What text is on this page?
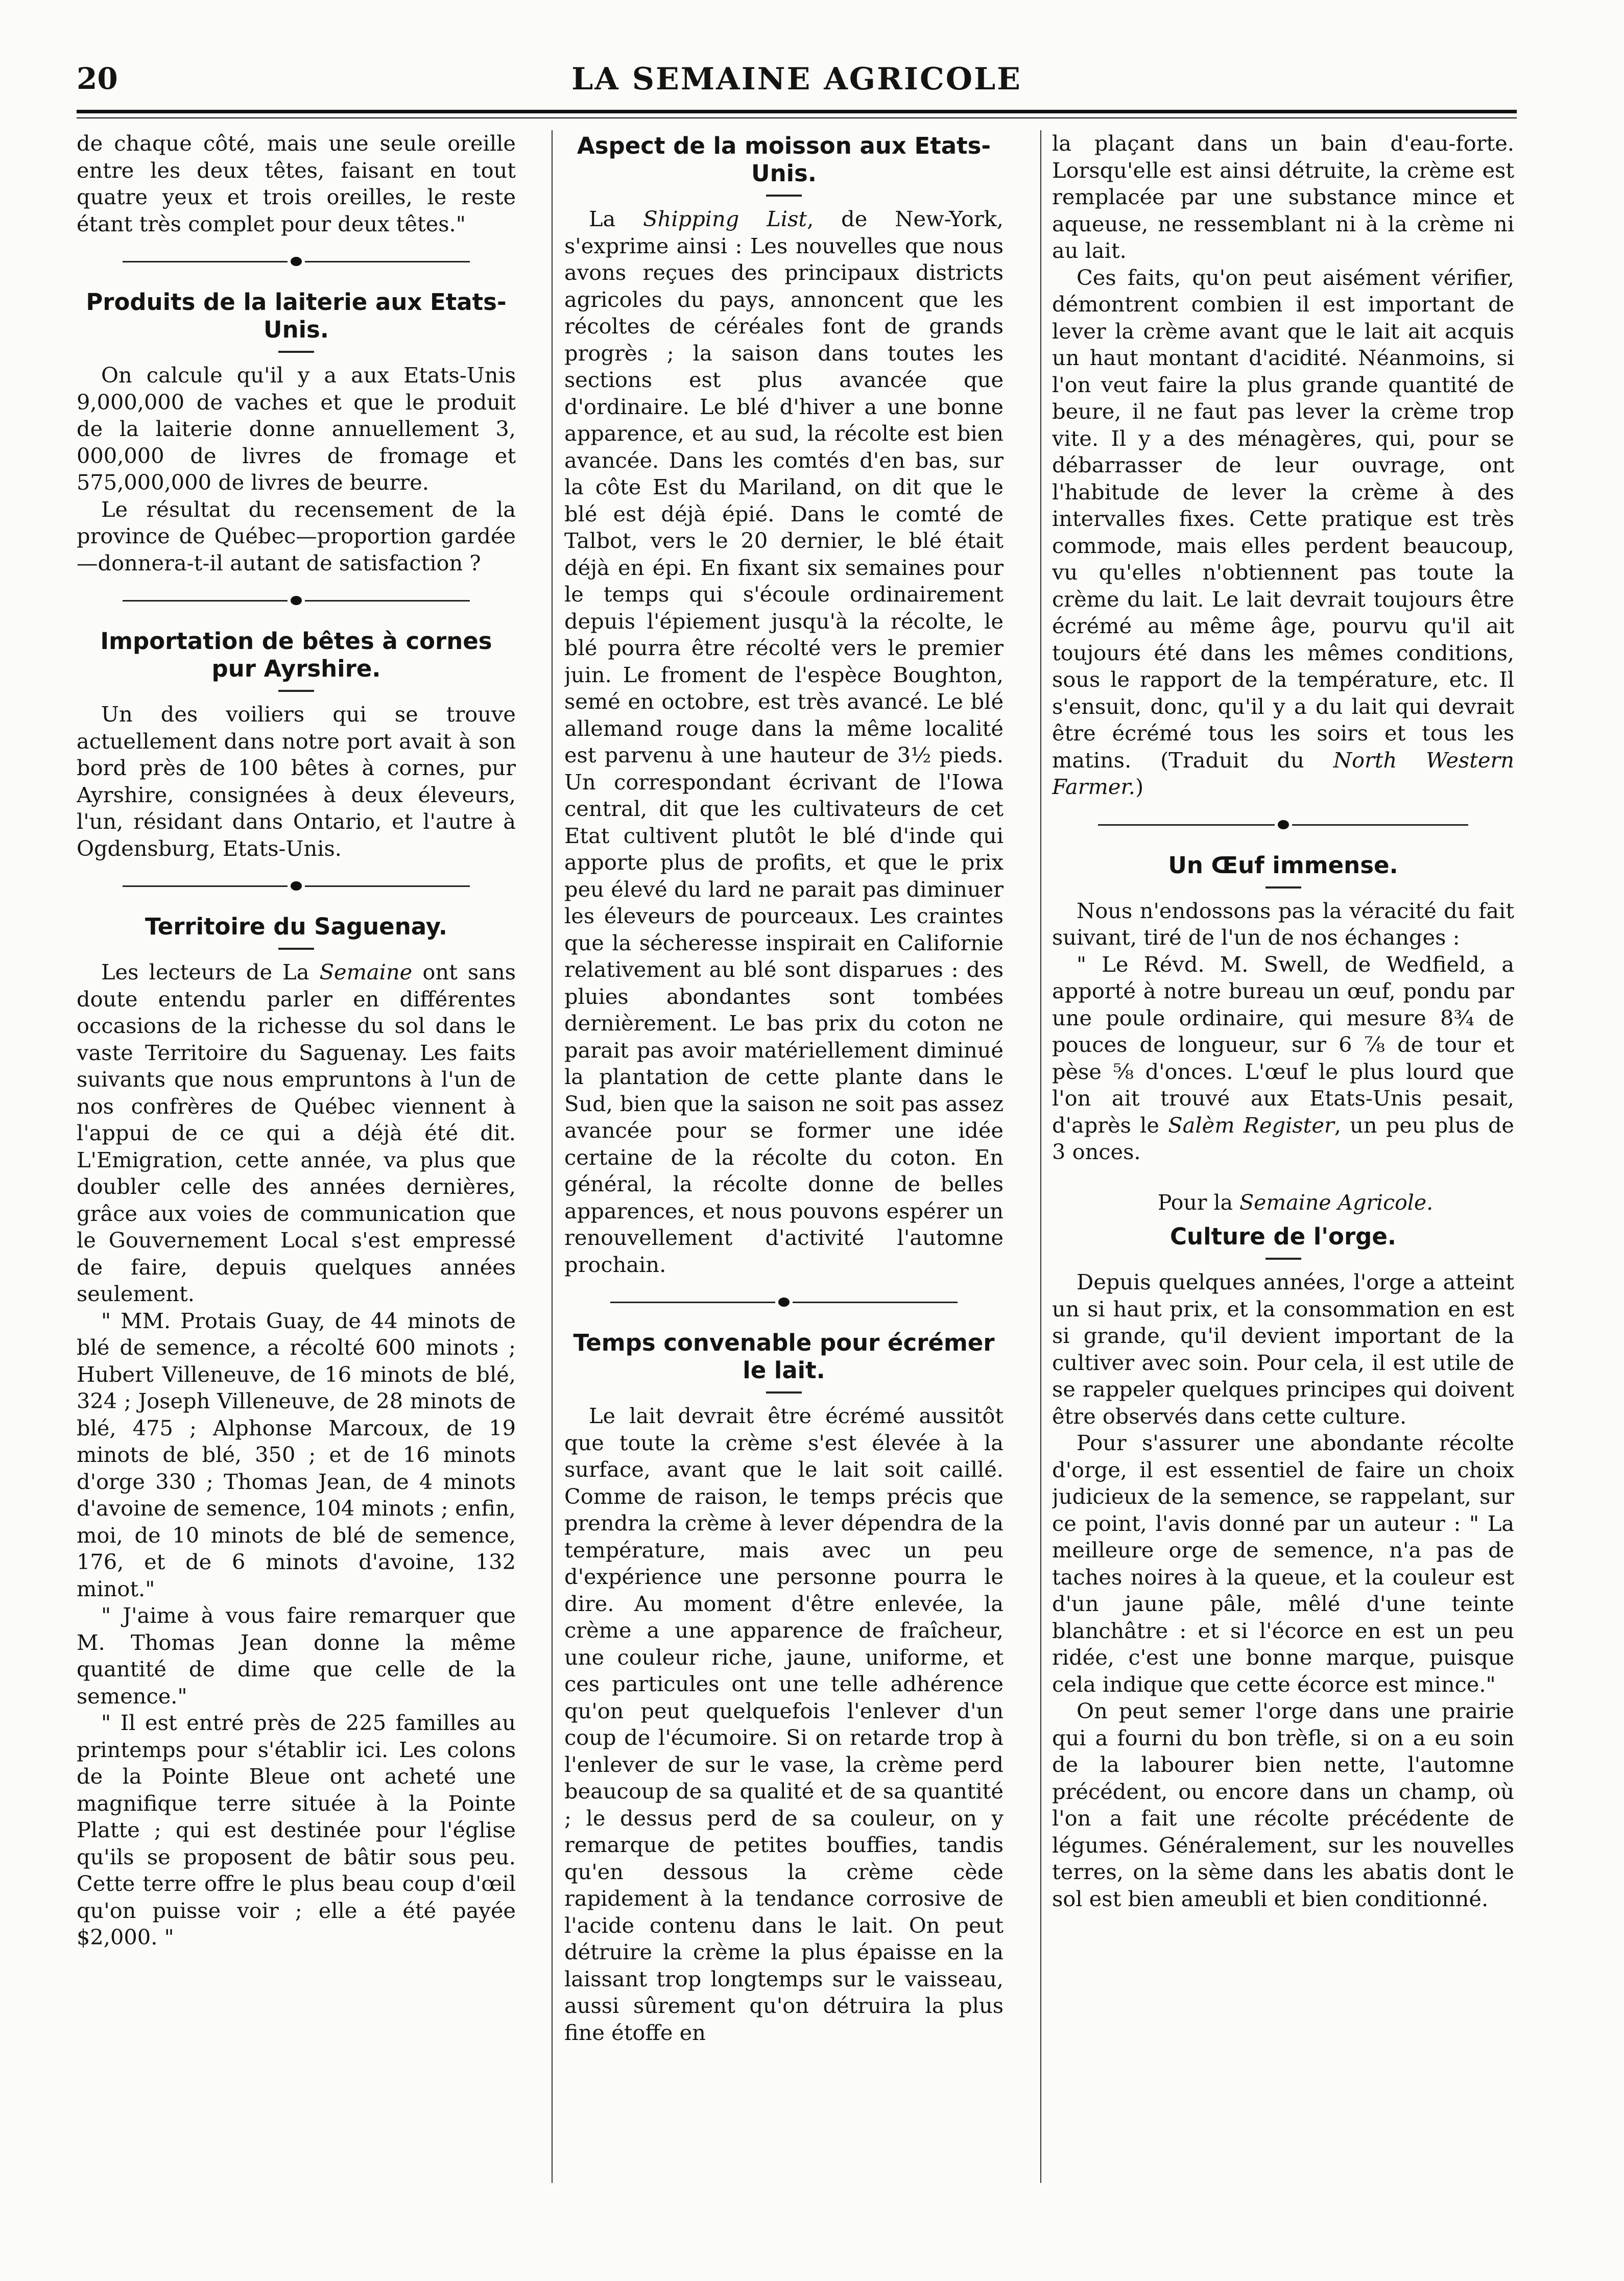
20	LA SEMAINE AGRICOLE

de chaque côté, mais une seule oreille entre les deux têtes, faisant en tout quatre yeux et trois oreilles, le reste étant très complet pour deux têtes."

Produits de la laiterie aux Etats-Unis.

On calcule qu'il y a aux Etats-Unis 9,000,000 de vaches et que le produit de la laiterie donne annuellement 3, 000,000 de livres de fromage et 575,000,000 de livres de beurre.

Le résultat du recensement de la province de Québec—proportion gardée—donnera-t-il autant de satisfaction ?

Importation de bêtes à cornes pur Ayrshire.

Un des voiliers qui se trouve actuellement dans notre port avait à son bord près de 100 bêtes à cornes, pur Ayrshire, consignées à deux éleveurs, l'un, résidant dans Ontario, et l'autre à Ogdensburg, Etats-Unis.

Territoire du Saguenay.

Les lecteurs de La Semaine ont sans doute entendu parler en différentes occasions de la richesse du sol dans le vaste Territoire du Saguenay. Les faits suivants que nous empruntons à l'un de nos confrères de Québec viennent à l'appui de ce qui a déjà été dit. L'Emigration, cette année, va plus que doubler celle des années dernières, grâce aux voies de communication que le Gouvernement Local s'est empressé de faire, depuis quelques années seulement.

" MM. Protais Guay, de 44 minots de blé de semence, a récolté 600 minots ; Hubert Villeneuve, de 16 minots de blé, 324 ; Joseph Villeneuve, de 28 minots de blé, 475 ; Alphonse Marcoux, de 19 minots de blé, 350 ; et de 16 minots d'orge 330 ; Thomas Jean, de 4 minots d'avoine de semence, 104 minots ; enfin, moi, de 10 minots de blé de semence, 176, et de 6 minots d'avoine, 132 minot."

" J'aime à vous faire remarquer que M. Thomas Jean donne la même quantité de dime que celle de la semence."

" Il est entré près de 225 familles au printemps pour s'établir ici. Les colons de la Pointe Bleue ont acheté une magnifique terre située à la Pointe Platte ; qui est destinée pour l'église qu'ils se proposent de bâtir sous peu. Cette terre offre le plus beau coup d'œil qu'on puisse voir ; elle a été payée $2,000. "

Aspect de la moisson aux Etats-Unis.

La Shipping List, de New-York, s'exprime ainsi : Les nouvelles que nous avons reçues des principaux districts agricoles du pays, annoncent que les récoltes de céréales font de grands progrès ; la saison dans toutes les sections est plus avancée que d'ordinaire. Le blé d'hiver a une bonne apparence, et au sud, la récolte est bien avancée. Dans les comtés d'en bas, sur la côte Est du Mariland, on dit que le blé est déjà épié. Dans le comté de Talbot, vers le 20 dernier, le blé était déjà en épi. En fixant six semaines pour le temps qui s'écoule ordinairement depuis l'épiement jusqu'à la récolte, le blé pourra être récolté vers le premier juin. Le froment de l'espèce Boughton, semé en octobre, est très avancé. Le blé allemand rouge dans la même localité est parvenu à une hauteur de 3½ pieds. Un correspondant écrivant de l'Iowa central, dit que les cultivateurs de cet Etat cultivent plutôt le blé d'inde qui apporte plus de profits, et que le prix peu élevé du lard ne parait pas diminuer les éleveurs de pourceaux. Les craintes que la sécheresse inspirait en Californie relativement au blé sont disparues : des pluies abondantes sont tombées dernièrement. Le bas prix du coton ne parait pas avoir matériellement diminué la plantation de cette plante dans le Sud, bien que la saison ne soit pas assez avancée pour se former une idée certaine de la récolte du coton. En général, la récolte donne de belles apparences, et nous pouvons espérer un renouvellement d'activité l'automne prochain.

Temps convenable pour écrémer le lait.

Le lait devrait être écrémé aussitôt que toute la crème s'est élevée à la surface, avant que le lait soit caillé. Comme de raison, le temps précis que prendra la crème à lever dépendra de la température, mais avec un peu d'expérience une personne pourra le dire. Au moment d'être enlevée, la crème a une apparence de fraîcheur, une couleur riche, jaune, uniforme, et ces particules ont une telle adhérence qu'on peut quelquefois l'enlever d'un coup de l'écumoire. Si on retarde trop à l'enlever de sur le vase, la crème perd beaucoup de sa qualité et de sa quantité ; le dessus perd de sa couleur, on y remarque de petites bouffies, tandis qu'en dessous la crème cède rapidement à la tendance corrosive de l'acide contenu dans le lait. On peut détruire la crème la plus épaisse en la laissant trop longtemps sur le vaisseau, aussi sûrement qu'on détruira la plus fine étoffe en

la plaçant dans un bain d'eau-forte. Lorsqu'elle est ainsi détruite, la crème est remplacée par une substance mince et aqueuse, ne ressemblant ni à la crème ni au lait.

Ces faits, qu'on peut aisément vérifier, démontrent combien il est important de lever la crème avant que le lait ait acquis un haut montant d'acidité. Néanmoins, si l'on veut faire la plus grande quantité de beure, il ne faut pas lever la crème trop vite. Il y a des ménagères, qui, pour se débarrasser de leur ouvrage, ont l'habitude de lever la crème à des intervalles fixes. Cette pratique est très commode, mais elles perdent beaucoup, vu qu'elles n'obtiennent pas toute la crème du lait. Le lait devrait toujours être écrémé au même âge, pourvu qu'il ait toujours été dans les mêmes conditions, sous le rapport de la température, etc. Il s'ensuit, donc, qu'il y a du lait qui devrait être écrémé tous les soirs et tous les matins. (Traduit du North Western Farmer.)

Un Œuf immense.

Nous n'endossons pas la véracité du fait suivant, tiré de l'un de nos échanges :

" Le Révd. M. Swell, de Wedfield, a apporté à notre bureau un œuf, pondu par une poule ordinaire, qui mesure 8¾ de pouces de longueur, sur 6 ⅞ de tour et pèse ⅝ d'onces. L'œuf le plus lourd que l'on ait trouvé aux Etats-Unis pesait, d'après le Salèm Register, un peu plus de 3 onces.

Pour la Semaine Agricole.

Culture de l'orge.

Depuis quelques années, l'orge a atteint un si haut prix, et la consommation en est si grande, qu'il devient important de la cultiver avec soin. Pour cela, il est utile de se rappeler quelques principes qui doivent être observés dans cette culture.

Pour s'assurer une abondante récolte d'orge, il est essentiel de faire un choix judicieux de la semence, se rappelant, sur ce point, l'avis donné par un auteur : " La meilleure orge de semence, n'a pas de taches noires à la queue, et la couleur est d'un jaune pâle, mêlé d'une teinte blanchâtre : et si l'écorce en est un peu ridée, c'est une bonne marque, puisque cela indique que cette écorce est mince."

On peut semer l'orge dans une prairie qui a fourni du bon trèfle, si on a eu soin de la labourer bien nette, l'automne précédent, ou encore dans un champ, où l'on a fait une récolte précédente de légumes. Généralement, sur les nouvelles terres, on la sème dans les abatis dont le sol est bien ameubli et bien conditionné.
